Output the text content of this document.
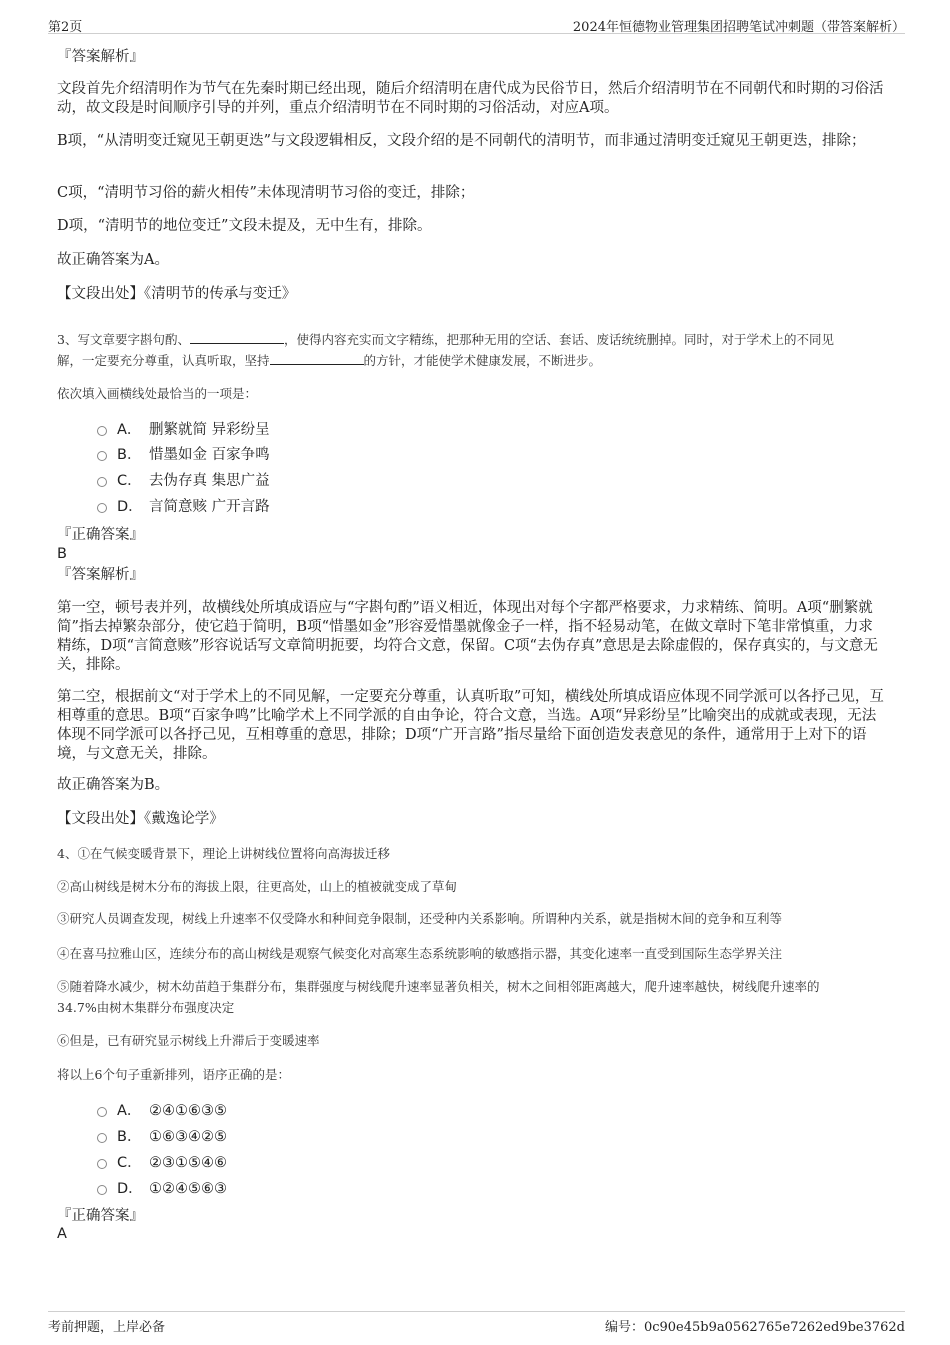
第2页	2024年恒德物业管理集团招聘笔试冲刺题（带答案解析）
『答案解析』
文段首先介绍清明作为节气在先秦时期已经出现，随后介绍清明在唐代成为民俗节日，然后介绍清明节在不同朝代和时期的习俗活动，故文段是时间顺序引导的并列，重点介绍清明节在不同时期的习俗活动，对应A项。
B项，“从清明变迁窥见王朝更迭”与文段逻辑相反，文段介绍的是不同朝代的清明节，而非通过清明变迁窥见王朝更迭，排除；
C项，“清明节习俗的薪火相传”未体现清明节习俗的变迁，排除；
D项，“清明节的地位变迁”文段未提及，无中生有，排除。
故正确答案为A。
【文段出处】《清明节的传承与变迁》
3、写文章要字斟句酌、	，使得内容充实而文字精练，把那种无用的空话、套话、废话统统删掉。同时，对于学术上的不同见
解，一定要充分尊重，认真听取，坚持	的方针，才能使学术健康发展，不断进步。
依次填入画横线处最恰当的一项是：
A． 删繁就简 异彩纷呈
B． 惜墨如金 百家争鸣
C． 去伪存真 集思广益
D． 言简意赅 广开言路
『正确答案』
B
『答案解析』
第一空，顿号表并列，故横线处所填成语应与“字斟句酌”语义相近，体现出对每个字都严格要求，力求精练、简明。A项“删繁就简”指去掉繁杂部分，使它趋于简明，B项“惜墨如金”形容爱惜墨就像金子一样，指不轻易动笔，在做文章时下笔非常慎重，力求精练，D项“言简意赅”形容说话写文章简明扼要，均符合文意，保留。C项“去伪存真”意思是去除虚假的，保存真实的，与文意无关，排除。
第二空，根据前文“对于学术上的不同见解，一定要充分尊重，认真听取”可知，横线处所填成语应体现不同学派可以各抒己见，互相尊重的意思。B项“百家争鸣”比喻学术上不同学派的自由争论，符合文意，当选。A项“异彩纷呈”比喻突出的成就或表现，无法体现不同学派可以各抒己见，互相尊重的意思，排除；D项“广开言路”指尽量给下面创造发表意见的条件，通常用于上对下的语境，与文意无关，排除。
故正确答案为B。
【文段出处】《戴逸论学》
4、①在气候变暖背景下，理论上讲树线位置将向高海拔迁移
②高山树线是树木分布的海拔上限，往更高处，山上的植被就变成了草甸
③研究人员调查发现，树线上升速率不仅受降水和种间竞争限制，还受种内关系影响。所谓种内关系，就是指树木间的竞争和互利等
④在喜马拉雅山区，连续分布的高山树线是观察气候变化对高寒生态系统影响的敏感指示器，其变化速率一直受到国际生态学界关注
⑤随着降水减少，树木幼苗趋于集群分布，集群强度与树线爬升速率显著负相关，树木之间相邻距离越大，爬升速率越快，树线爬升速率的
34.7%由树木集群分布强度决定
⑥但是，已有研究显示树线上升滞后于变暖速率
将以上6个句子重新排列，语序正确的是：
A． ②④①⑥③⑤
B． ①⑥③④②⑤
C． ②③①⑤④⑥
D． ①②④⑤⑥③
『正确答案』
A
考前押题，上岸必备	编号：0c90e45b9a0562765e7262ed9be3762d
